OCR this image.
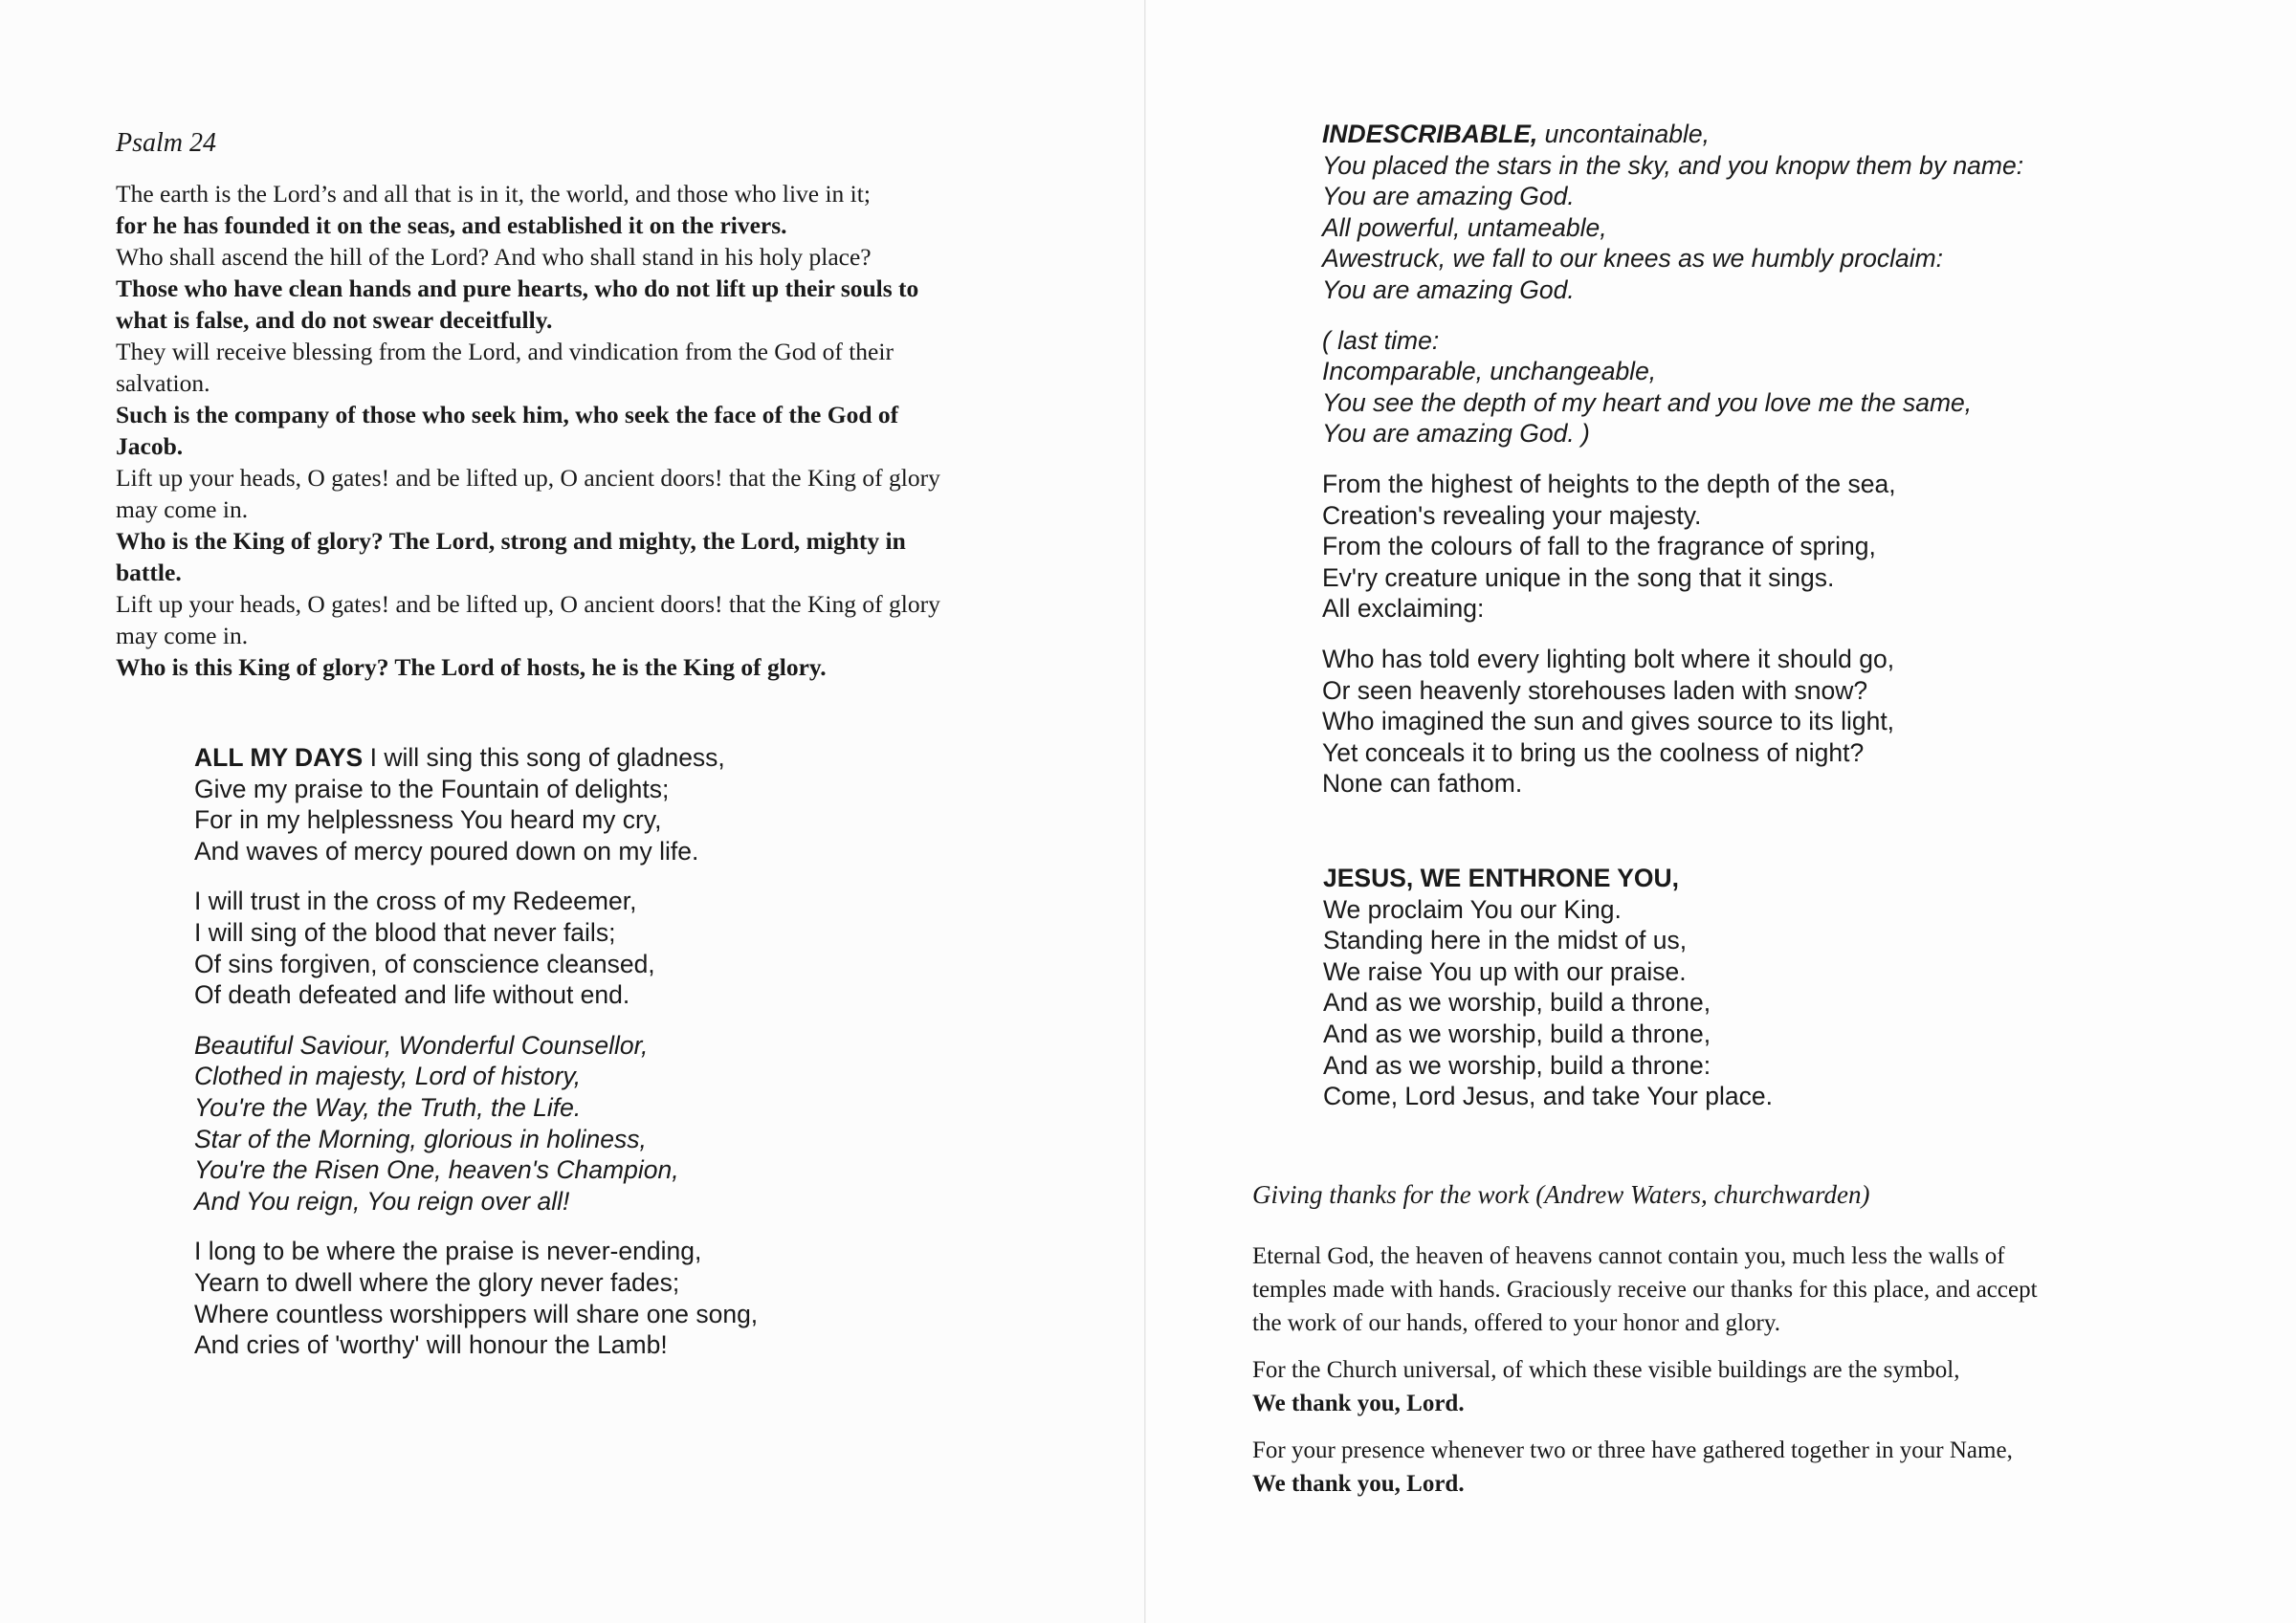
Psalm 24
The earth is the Lord’s and all that is in it, the world, and those who live in it;
for he has founded it on the seas, and established it on the rivers.
Who shall ascend the hill of the Lord? And who shall stand in his holy place?
Those who have clean hands and pure hearts, who do not lift up their souls to
what is false, and do not swear deceitfully.
They will receive blessing from the Lord, and vindication from the God of their
salvation.
Such is the company of those who seek him, who seek the face of the God of
Jacob.
Lift up your heads, O gates! and be lifted up, O ancient doors! that the King of glory
may come in.
Who is the King of glory? The Lord, strong and mighty, the Lord, mighty in
battle.
Lift up your heads, O gates! and be lifted up, O ancient doors! that the King of glory
may come in.
Who is this King of glory? The Lord of hosts, he is the King of glory.
ALL MY DAYS I will sing this song of gladness,
Give my praise to the Fountain of delights;
For in my helplessness You heard my cry,
And waves of mercy poured down on my life.
I will trust in the cross of my Redeemer,
I will sing of the blood that never fails;
Of sins forgiven, of conscience cleansed,
Of death defeated and life without end.
Beautiful Saviour, Wonderful Counsellor,
Clothed in majesty, Lord of history,
You're the Way, the Truth, the Life.
Star of the Morning, glorious in holiness,
You're the Risen One, heaven's Champion,
And You reign, You reign over all!
I long to be where the praise is never-ending,
Yearn to dwell where the glory never fades;
Where countless worshippers will share one song,
And cries of 'worthy' will honour the Lamb!
INDESCRIBABLE, uncontainable,
You placed the stars in the sky, and you knopw them by name:
You are amazing God.
All powerful, untameable,
Awestruck, we fall to our knees as we humbly proclaim:
You are amazing God.
( last time:
Incomparable, unchangeable,
You see the depth of my heart and you love me the same,
You are amazing God. )
From the highest of heights to the depth of the sea,
Creation's revealing your majesty.
From the colours of fall to the fragrance of spring,
Ev'ry creature unique in the song that it sings.
All exclaiming:
Who has told every lighting bolt where it should go,
Or seen heavenly storehouses laden with snow?
Who imagined the sun and gives source to its light,
Yet conceals it to bring us the coolness of night?
None can fathom.
JESUS, WE ENTHRONE YOU,
We proclaim You our King.
Standing here in the midst of us,
We raise You up with our praise.
And as we worship, build a throne,
And as we worship, build a throne,
And as we worship, build a throne:
Come, Lord Jesus, and take Your place.
Giving thanks for the work (Andrew Waters, churchwarden)
Eternal God, the heaven of heavens cannot contain you, much less the walls of
temples made with hands. Graciously receive our thanks for this place, and accept
the work of our hands, offered to your honor and glory.
For the Church universal, of which these visible buildings are the symbol,
We thank you, Lord.
For your presence whenever two or three have gathered together in your Name,
We thank you, Lord.
